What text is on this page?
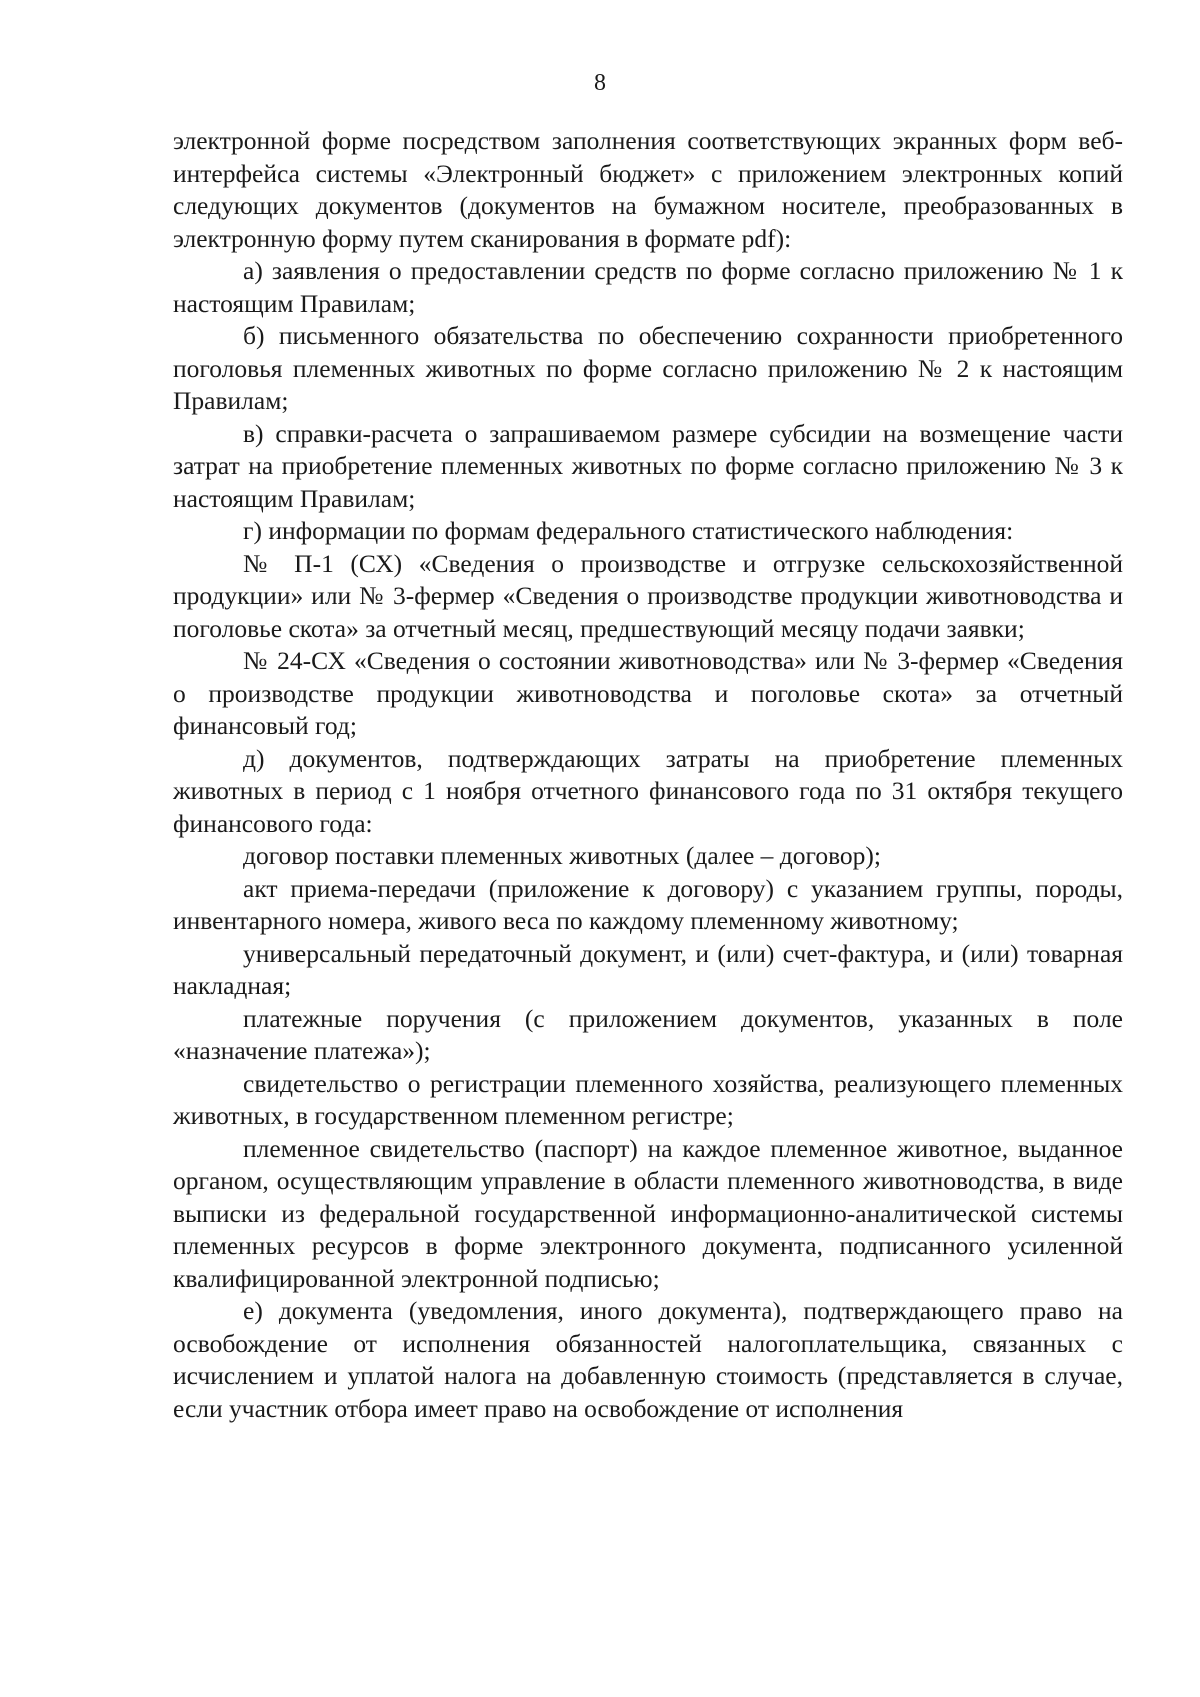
8

электронной форме посредством заполнения соответствующих экранных форм веб-интерфейса системы «Электронный бюджет» с приложением электронных копий следующих документов (документов на бумажном носителе, преобразованных в электронную форму путем сканирования в формате pdf):

а) заявления о предоставлении средств по форме согласно приложению № 1 к настоящим Правилам;

б) письменного обязательства по обеспечению сохранности приобретенного поголовья племенных животных по форме согласно приложению № 2 к настоящим Правилам;

в) справки-расчета о запрашиваемом размере субсидии на возмещение части затрат на приобретение племенных животных по форме согласно приложению № 3 к настоящим Правилам;

г) информации по формам федерального статистического наблюдения:

№ П-1 (СХ) «Сведения о производстве и отгрузке сельскохозяйственной продукции» или № 3-фермер «Сведения о производстве продукции животноводства и поголовье скота» за отчетный месяц, предшествующий месяцу подачи заявки;

№ 24-СХ «Сведения о состоянии животноводства» или № 3-фермер «Сведения о производстве продукции животноводства и поголовье скота» за отчетный финансовый год;

д) документов, подтверждающих затраты на приобретение племенных животных в период с 1 ноября отчетного финансового года по 31 октября текущего финансового года:

договор поставки племенных животных (далее – договор);

акт приема-передачи (приложение к договору) с указанием группы, породы, инвентарного номера, живого веса по каждому племенному животному;

универсальный передаточный документ, и (или) счет-фактура, и (или) товарная накладная;

платежные поручения (с приложением документов, указанных в поле «назначение платежа»);

свидетельство о регистрации племенного хозяйства, реализующего племенных животных, в государственном племенном регистре;

племенное свидетельство (паспорт) на каждое племенное животное, выданное органом, осуществляющим управление в области племенного животноводства, в виде выписки из федеральной государственной информационно-аналитической системы племенных ресурсов в форме электронного документа, подписанного усиленной квалифицированной электронной подписью;

е) документа (уведомления, иного документа), подтверждающего право на освобождение от исполнения обязанностей налогоплательщика, связанных с исчислением и уплатой налога на добавленную стоимость (представляется в случае, если участник отбора имеет право на освобождение от исполнения
